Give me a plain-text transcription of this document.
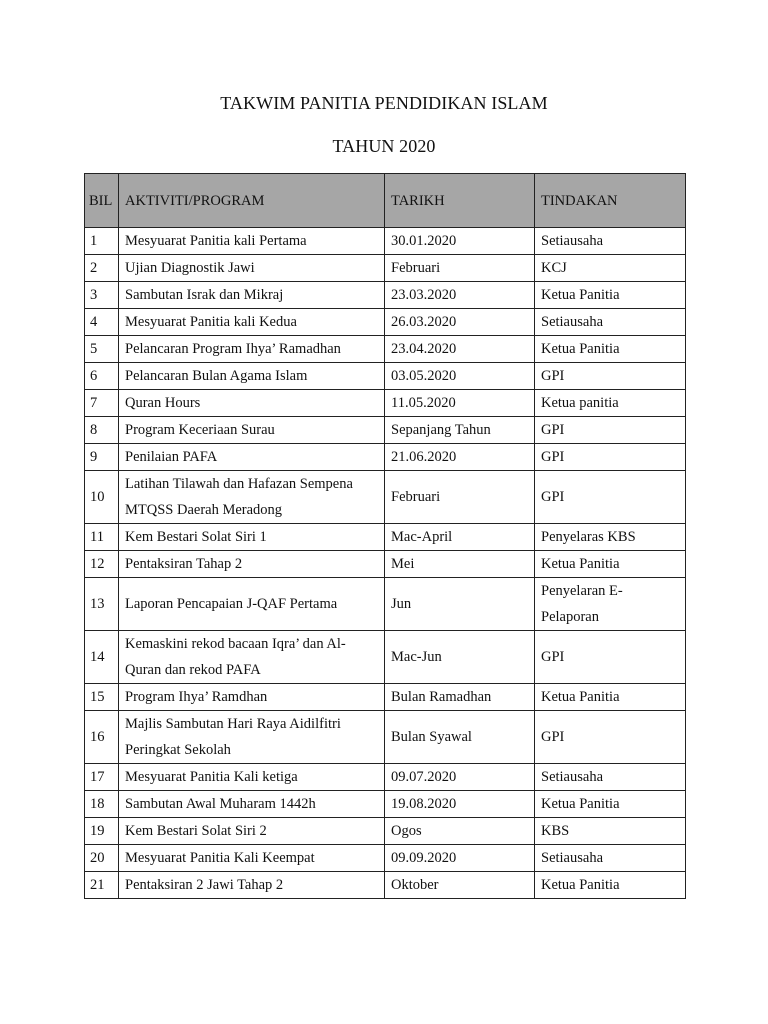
TAKWIM PANITIA PENDIDIKAN ISLAM
TAHUN 2020
BIL	AKTIVITI/PROGRAM	TARIKH	TINDAKAN
1	Mesyuarat Panitia kali Pertama	30.01.2020	Setiausaha
2	Ujian Diagnostik Jawi	Februari	KCJ
3	Sambutan Israk dan Mikraj	23.03.2020	Ketua Panitia
4	Mesyuarat Panitia kali Kedua	26.03.2020	Setiausaha
5	Pelancaran Program Ihya’ Ramadhan	23.04.2020	Ketua Panitia
6	Pelancaran Bulan Agama Islam	03.05.2020	GPI
7	Quran Hours	11.05.2020	Ketua panitia
8	Program Keceriaan Surau	Sepanjang Tahun	GPI
9	Penilaian PAFA	21.06.2020	GPI
10	Latihan Tilawah dan Hafazan Sempena MTQSS Daerah Meradong	Februari	GPI
11	Kem Bestari Solat Siri 1	Mac-April	Penyelaras KBS
12	Pentaksiran Tahap 2	Mei	Ketua Panitia
13	Laporan Pencapaian J-QAF Pertama	Jun	Penyelaran E-Pelaporan
14	Kemaskini rekod bacaan Iqra’ dan Al-Quran dan rekod PAFA	Mac-Jun	GPI
15	Program Ihya’ Ramdhan	Bulan Ramadhan	Ketua Panitia
16	Majlis Sambutan Hari Raya Aidilfitri Peringkat Sekolah	Bulan Syawal	GPI
17	Mesyuarat Panitia Kali ketiga	09.07.2020	Setiausaha
18	Sambutan Awal Muharam 1442h	19.08.2020	Ketua Panitia
19	Kem Bestari Solat Siri 2	Ogos	KBS
20	Mesyuarat Panitia Kali Keempat	09.09.2020	Setiausaha
21	Pentaksiran 2 Jawi Tahap 2	Oktober	Ketua Panitia
